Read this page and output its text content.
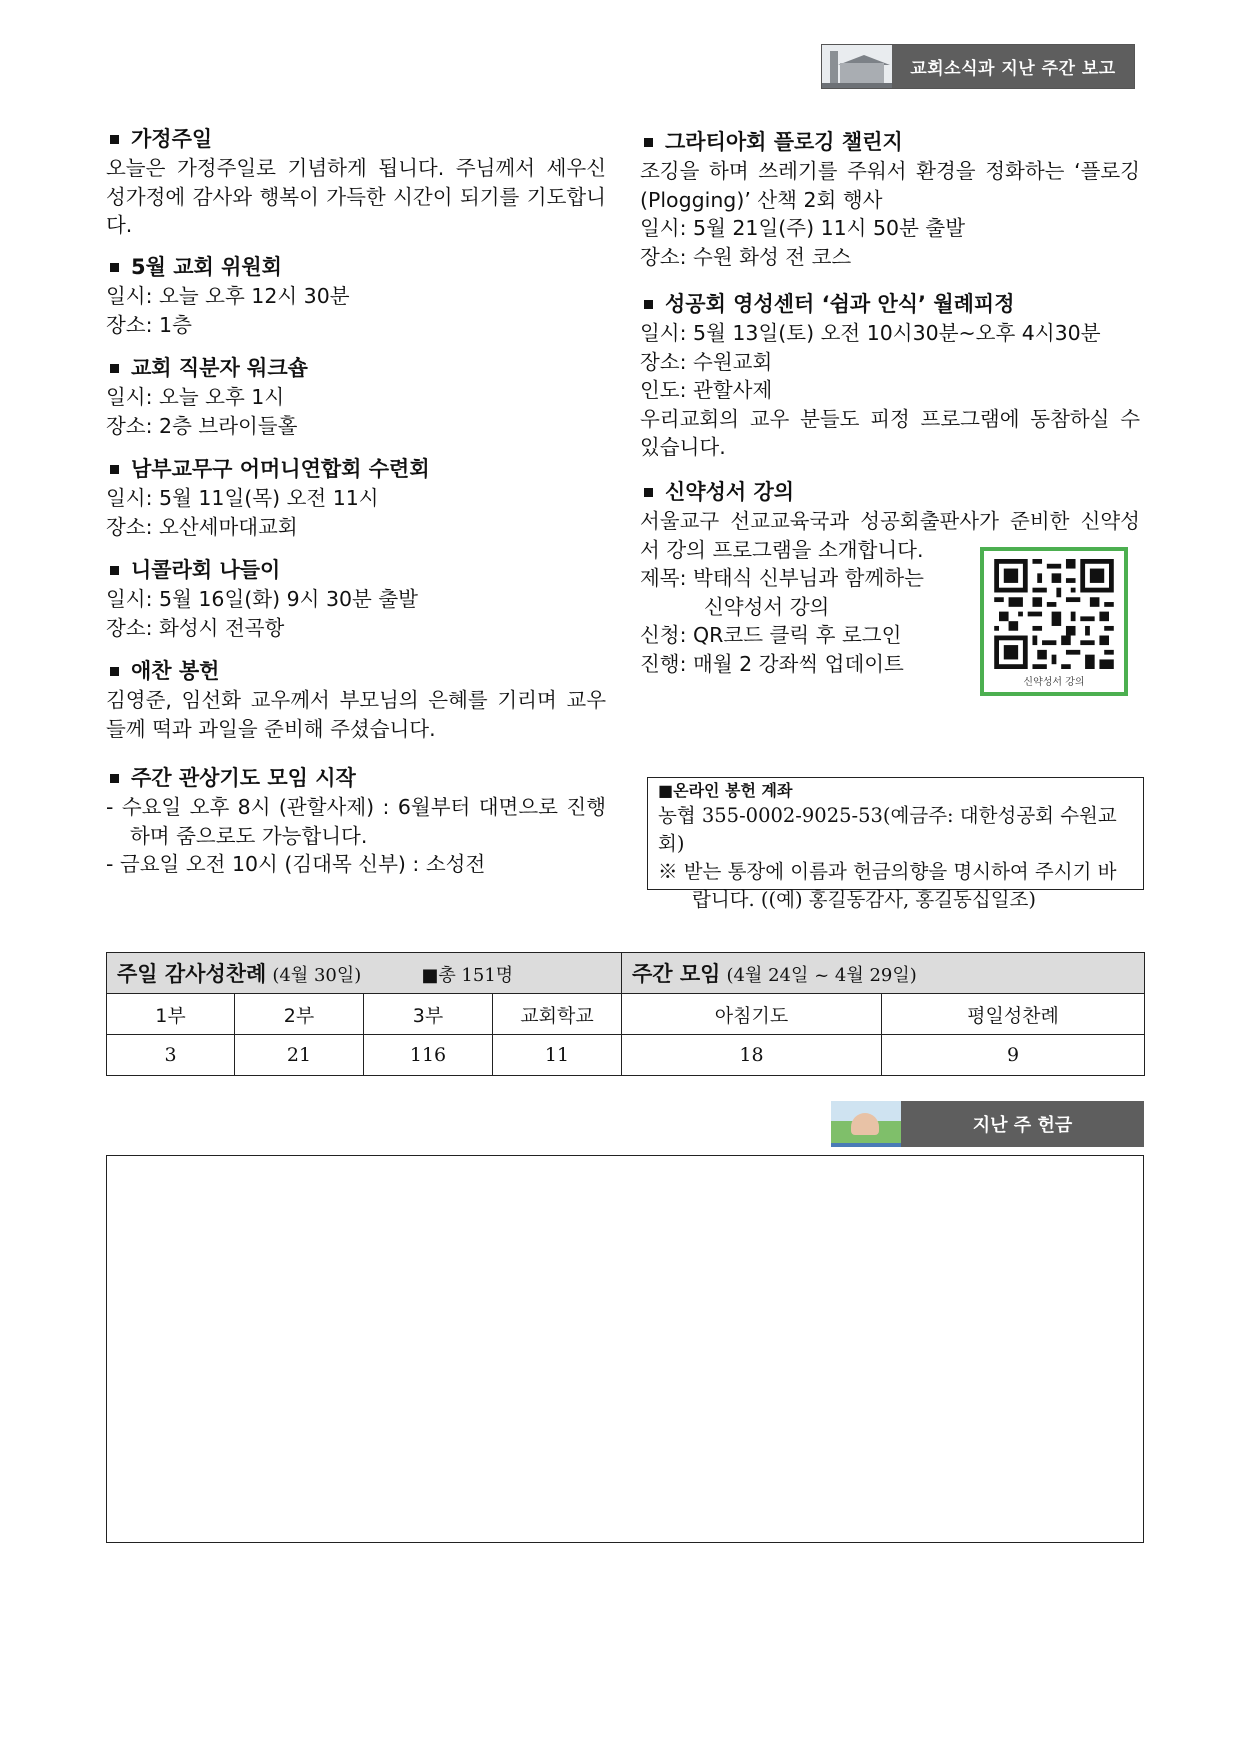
교회소식과 지난 주간 보고
가정주일

오늘은 가정주일로 기념하게 됩니다. 주님께서 세우신 성가정에 감사와 행복이 가득한 시간이 되기를 기도합니다.

5월 교회 위원회

일시: 오늘 오후 12시 30분

장소: 1층

교회 직분자 워크숍

일시: 오늘 오후 1시

장소: 2층 브라이들홀

남부교무구 어머니연합회 수련회

일시: 5월 11일(목) 오전 11시

장소: 오산세마대교회

니콜라회 나들이

일시: 5월 16일(화) 9시 30분 출발

장소: 화성시 전곡항

애찬 봉헌

김영준, 임선화 교우께서 부모님의 은혜를 기리며 교우들께 떡과 과일을 준비해 주셨습니다.

주간 관상기도 모임 시작

- 수요일 오후 8시 (관할사제) : 6월부터 대면으로 진행하며 줌으로도 가능합니다.

- 금요일 오전 10시 (김대목 신부) : 소성전

그라티아회 플로깅 챌린지

조깅을 하며 쓰레기를 주워서 환경을 정화하는 ‘플로깅(Plogging)’ 산책 2회 행사

일시: 5월 21일(주) 11시 50분 출발

장소: 수원 화성 전 코스

성공회 영성센터 ‘쉼과 안식’ 월례피정

일시: 5월 13일(토) 오전 10시30분~오후 4시30분

장소: 수원교회

인도: 관할사제

우리교회의 교우 분들도 피정 프로그램에 동참하실 수 있습니다.

신약성서 강의

서울교구 선교교육국과 성공회출판사가 준비한 신약성서 강의 프로그램을 소개합니다.

제목: 박태식 신부님과 함께하는

신약성서 강의

신청: QR코드 클릭 후 로그인

진행: 매월 2 강좌씩 업데이트

신약성서 강의
■온라인 봉헌 계좌
농협 355-0002-9025-53(예금주: 대한성공회 수원교회)
※ 받는 통장에 이름과 헌금의향을 명시하여 주시기 바랍니다. ((예) 홍길동감사, 홍길동십일조)
주일 감사성찬례 (4월 30일) ■총 151명				주간 모임 (4월 24일 ~ 4월 29일)	
1부	2부	3부	교회학교	아침기도	평일성찬례
3	21	116	11	18	9
지난 주 헌금
